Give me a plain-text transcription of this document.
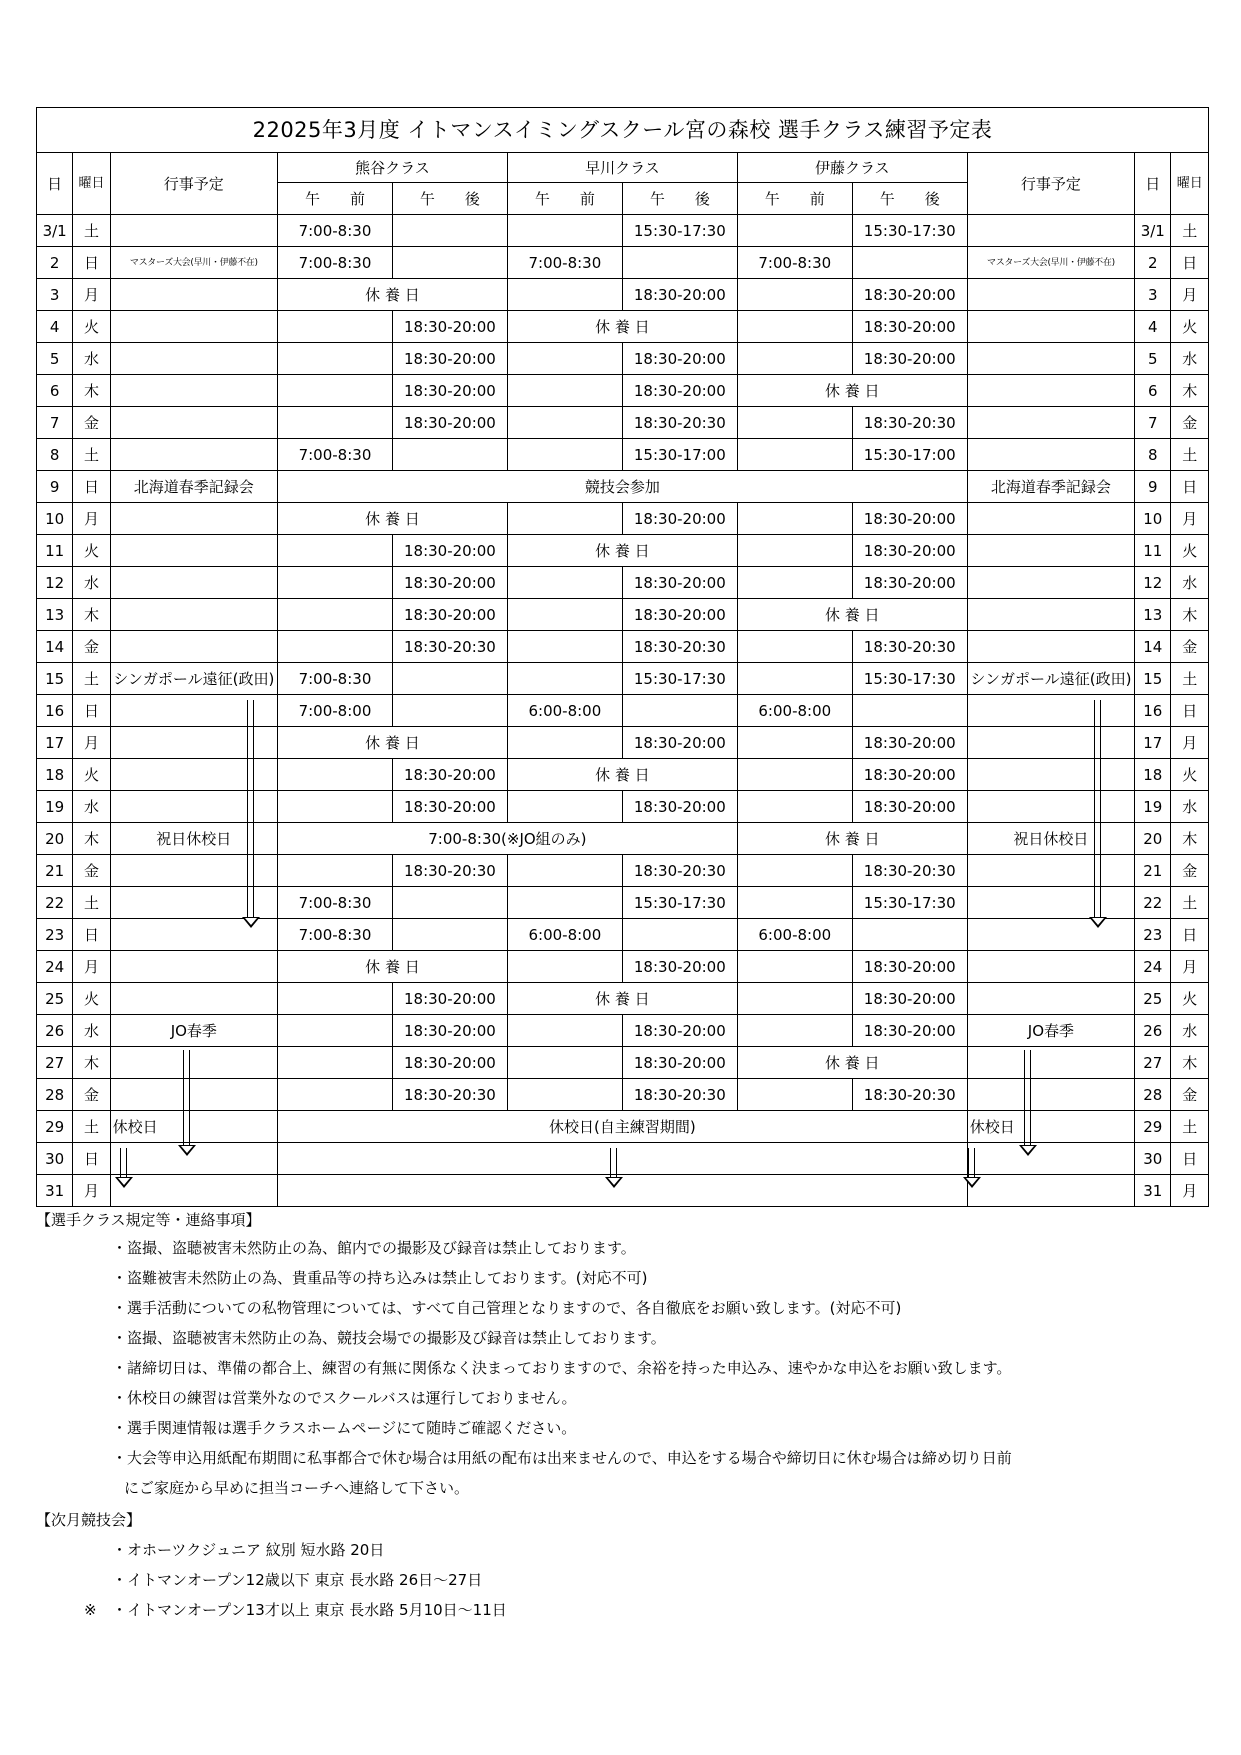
22025年3月度 イトマンスイミングスクール宮の森校 選手クラス練習予定表											
日	曜日	行事予定	熊谷クラス		早川クラス		伊藤クラス		行事予定	日	曜日
			午　　前	午　　後	午　　前	午　　後	午　　前	午　　後			
3/1	土		7:00-8:30			15:30-17:30		15:30-17:30		3/1	土
2	日	マスターズ大会(早川・伊藤不在)	7:00-8:30		7:00-8:30		7:00-8:30		マスターズ大会(早川・伊藤不在)	2	日
3	月		休 養 日			18:30-20:00		18:30-20:00		3	月
4	火			18:30-20:00	休 養 日			18:30-20:00		4	火
5	水			18:30-20:00		18:30-20:00		18:30-20:00		5	水
6	木			18:30-20:00		18:30-20:00	休 養 日			6	木
7	金			18:30-20:00		18:30-20:30		18:30-20:30		7	金
8	土		7:00-8:30			15:30-17:00		15:30-17:00		8	土
9	日	北海道春季記録会	競技会参加						北海道春季記録会	9	日
10	月		休 養 日			18:30-20:00		18:30-20:00		10	月
11	火			18:30-20:00	休 養 日			18:30-20:00		11	火
12	水			18:30-20:00		18:30-20:00		18:30-20:00		12	水
13	木			18:30-20:00		18:30-20:00	休 養 日			13	木
14	金			18:30-20:30		18:30-20:30		18:30-20:30		14	金
15	土	シンガポール遠征(政田)	7:00-8:30			15:30-17:30		15:30-17:30	シンガポール遠征(政田)	15	土
16	日		7:00-8:00		6:00-8:00		6:00-8:00			16	日
17	月		休 養 日			18:30-20:00		18:30-20:00		17	月
18	火			18:30-20:00	休 養 日			18:30-20:00		18	火
19	水			18:30-20:00		18:30-20:00		18:30-20:00		19	水
20	木	祝日休校日	7:00-8:30(※JO組のみ)				休 養 日		祝日休校日	20	木
21	金			18:30-20:30		18:30-20:30		18:30-20:30		21	金
22	土		7:00-8:30			15:30-17:30		15:30-17:30		22	土
23	日		7:00-8:30		6:00-8:00		6:00-8:00			23	日
24	月		休 養 日			18:30-20:00		18:30-20:00		24	月
25	火			18:30-20:00	休 養 日			18:30-20:00		25	火
26	水	JO春季		18:30-20:00		18:30-20:00		18:30-20:00	JO春季	26	水
27	木			18:30-20:00		18:30-20:00	休 養 日			27	木
28	金			18:30-20:30		18:30-20:30		18:30-20:30		28	金
29	土	休校日	休校日(自主練習期間)						休校日	29	土
30	日									30	日
31	月									31	月
【選手クラス規定等・連絡事項】
・盗撮、盗聴被害未然防止の為、館内での撮影及び録音は禁止しております。
・盗難被害未然防止の為、貴重品等の持ち込みは禁止しております。(対応不可)
・選手活動についての私物管理については、すべて自己管理となりますので、各自徹底をお願い致します。(対応不可)
・盗撮、盗聴被害未然防止の為、競技会場での撮影及び録音は禁止しております。
・諸締切日は、準備の都合上、練習の有無に関係なく決まっておりますので、余裕を持った申込み、速やかな申込をお願い致します。
・休校日の練習は営業外なのでスクールバスは運行しておりません。
・選手関連情報は選手クラスホームページにて随時ご確認ください。
・大会等申込用紙配布期間に私事都合で休む場合は用紙の配布は出来ませんので、申込をする場合や締切日に休む場合は締め切り日前
にご家庭から早めに担当コーチへ連絡して下さい。
【次月競技会】
・オホーツクジュニア 紋別 短水路 20日
・イトマンオープン12歳以下 東京 長水路 26日～27日
※ ・イトマンオープン13才以上 東京 長水路 5月10日～11日
